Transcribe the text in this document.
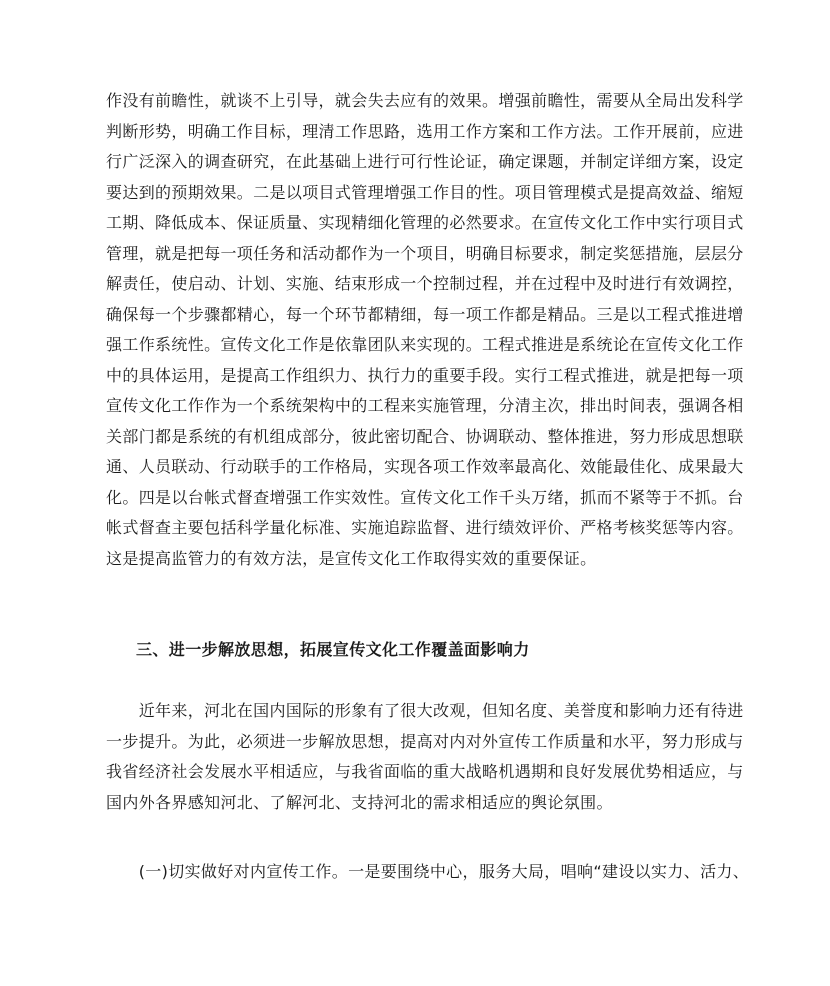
作没有前瞻性，就谈不上引导，就会失去应有的效果。增强前瞻性，需要从全局出发科学
判断形势，明确工作目标，理清工作思路，选用工作方案和工作方法。工作开展前，应进
行广泛深入的调查研究，在此基础上进行可行性论证，确定课题，并制定详细方案，设定
要达到的预期效果。二是以项目式管理增强工作目的性。项目管理模式是提高效益、缩短
工期、降低成本、保证质量、实现精细化管理的必然要求。在宣传文化工作中实行项目式
管理，就是把每一项任务和活动都作为一个项目，明确目标要求，制定奖惩措施，层层分
解责任，使启动、计划、实施、结束形成一个控制过程，并在过程中及时进行有效调控，
确保每一个步骤都精心，每一个环节都精细，每一项工作都是精品。三是以工程式推进增
强工作系统性。宣传文化工作是依靠团队来实现的。工程式推进是系统论在宣传文化工作
中的具体运用，是提高工作组织力、执行力的重要手段。实行工程式推进，就是把每一项
宣传文化工作作为一个系统架构中的工程来实施管理，分清主次，排出时间表，强调各相
关部门都是系统的有机组成部分，彼此密切配合、协调联动、整体推进，努力形成思想联
通、人员联动、行动联手的工作格局，实现各项工作效率最高化、效能最佳化、成果最大
化。四是以台帐式督查增强工作实效性。宣传文化工作千头万绪，抓而不紧等于不抓。台
帐式督查主要包括科学量化标准、实施追踪监督、进行绩效评价、严格考核奖惩等内容。
这是提高监管力的有效方法，是宣传文化工作取得实效的重要保证。
三、进一步解放思想，拓展宣传文化工作覆盖面影响力
　　近年来，河北在国内国际的形象有了很大改观，但知名度、美誉度和影响力还有待进
一步提升。为此，必须进一步解放思想，提高对内对外宣传工作质量和水平，努力形成与
我省经济社会发展水平相适应，与我省面临的重大战略机遇期和良好发展优势相适应，与
国内外各界感知河北、了解河北、支持河北的需求相适应的舆论氛围。
　　(一)切实做好对内宣传工作。一是要围绕中心，服务大局，唱响“建设以实力、活力、
